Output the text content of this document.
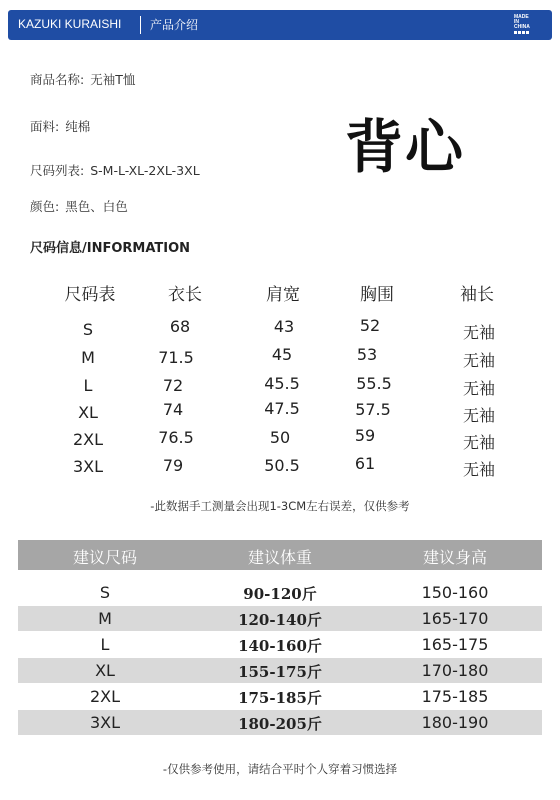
KAZUKI KURAISHI 产品介绍
MADE
IN
CHINA
商品名称: 无袖T恤
面料: 纯棉
尺码列表: S-M-L-XL-2XL-3XL
颜色: 黑色、白色
背心
尺码信息/INFORMATION
尺码表	衣长	肩宽	胸围	袖长
S	68	43	52	无袖
M	71.5	45	53	无袖
L	72	45.5	55.5	无袖
XL	74	47.5	57.5	无袖
2XL	76.5	50	59	无袖
3XL	79	50.5	61	无袖
-此数据手工测量会出现1-3CM左右误差，仅供参考
建议尺码	建议体重	建议身高
S	90-120斤	150-160
M	120-140斤	165-170
L	140-160斤	165-175
XL	155-175斤	170-180
2XL	175-185斤	175-185
3XL	180-205斤	180-190
-仅供参考使用，请结合平时个人穿着习惯选择
